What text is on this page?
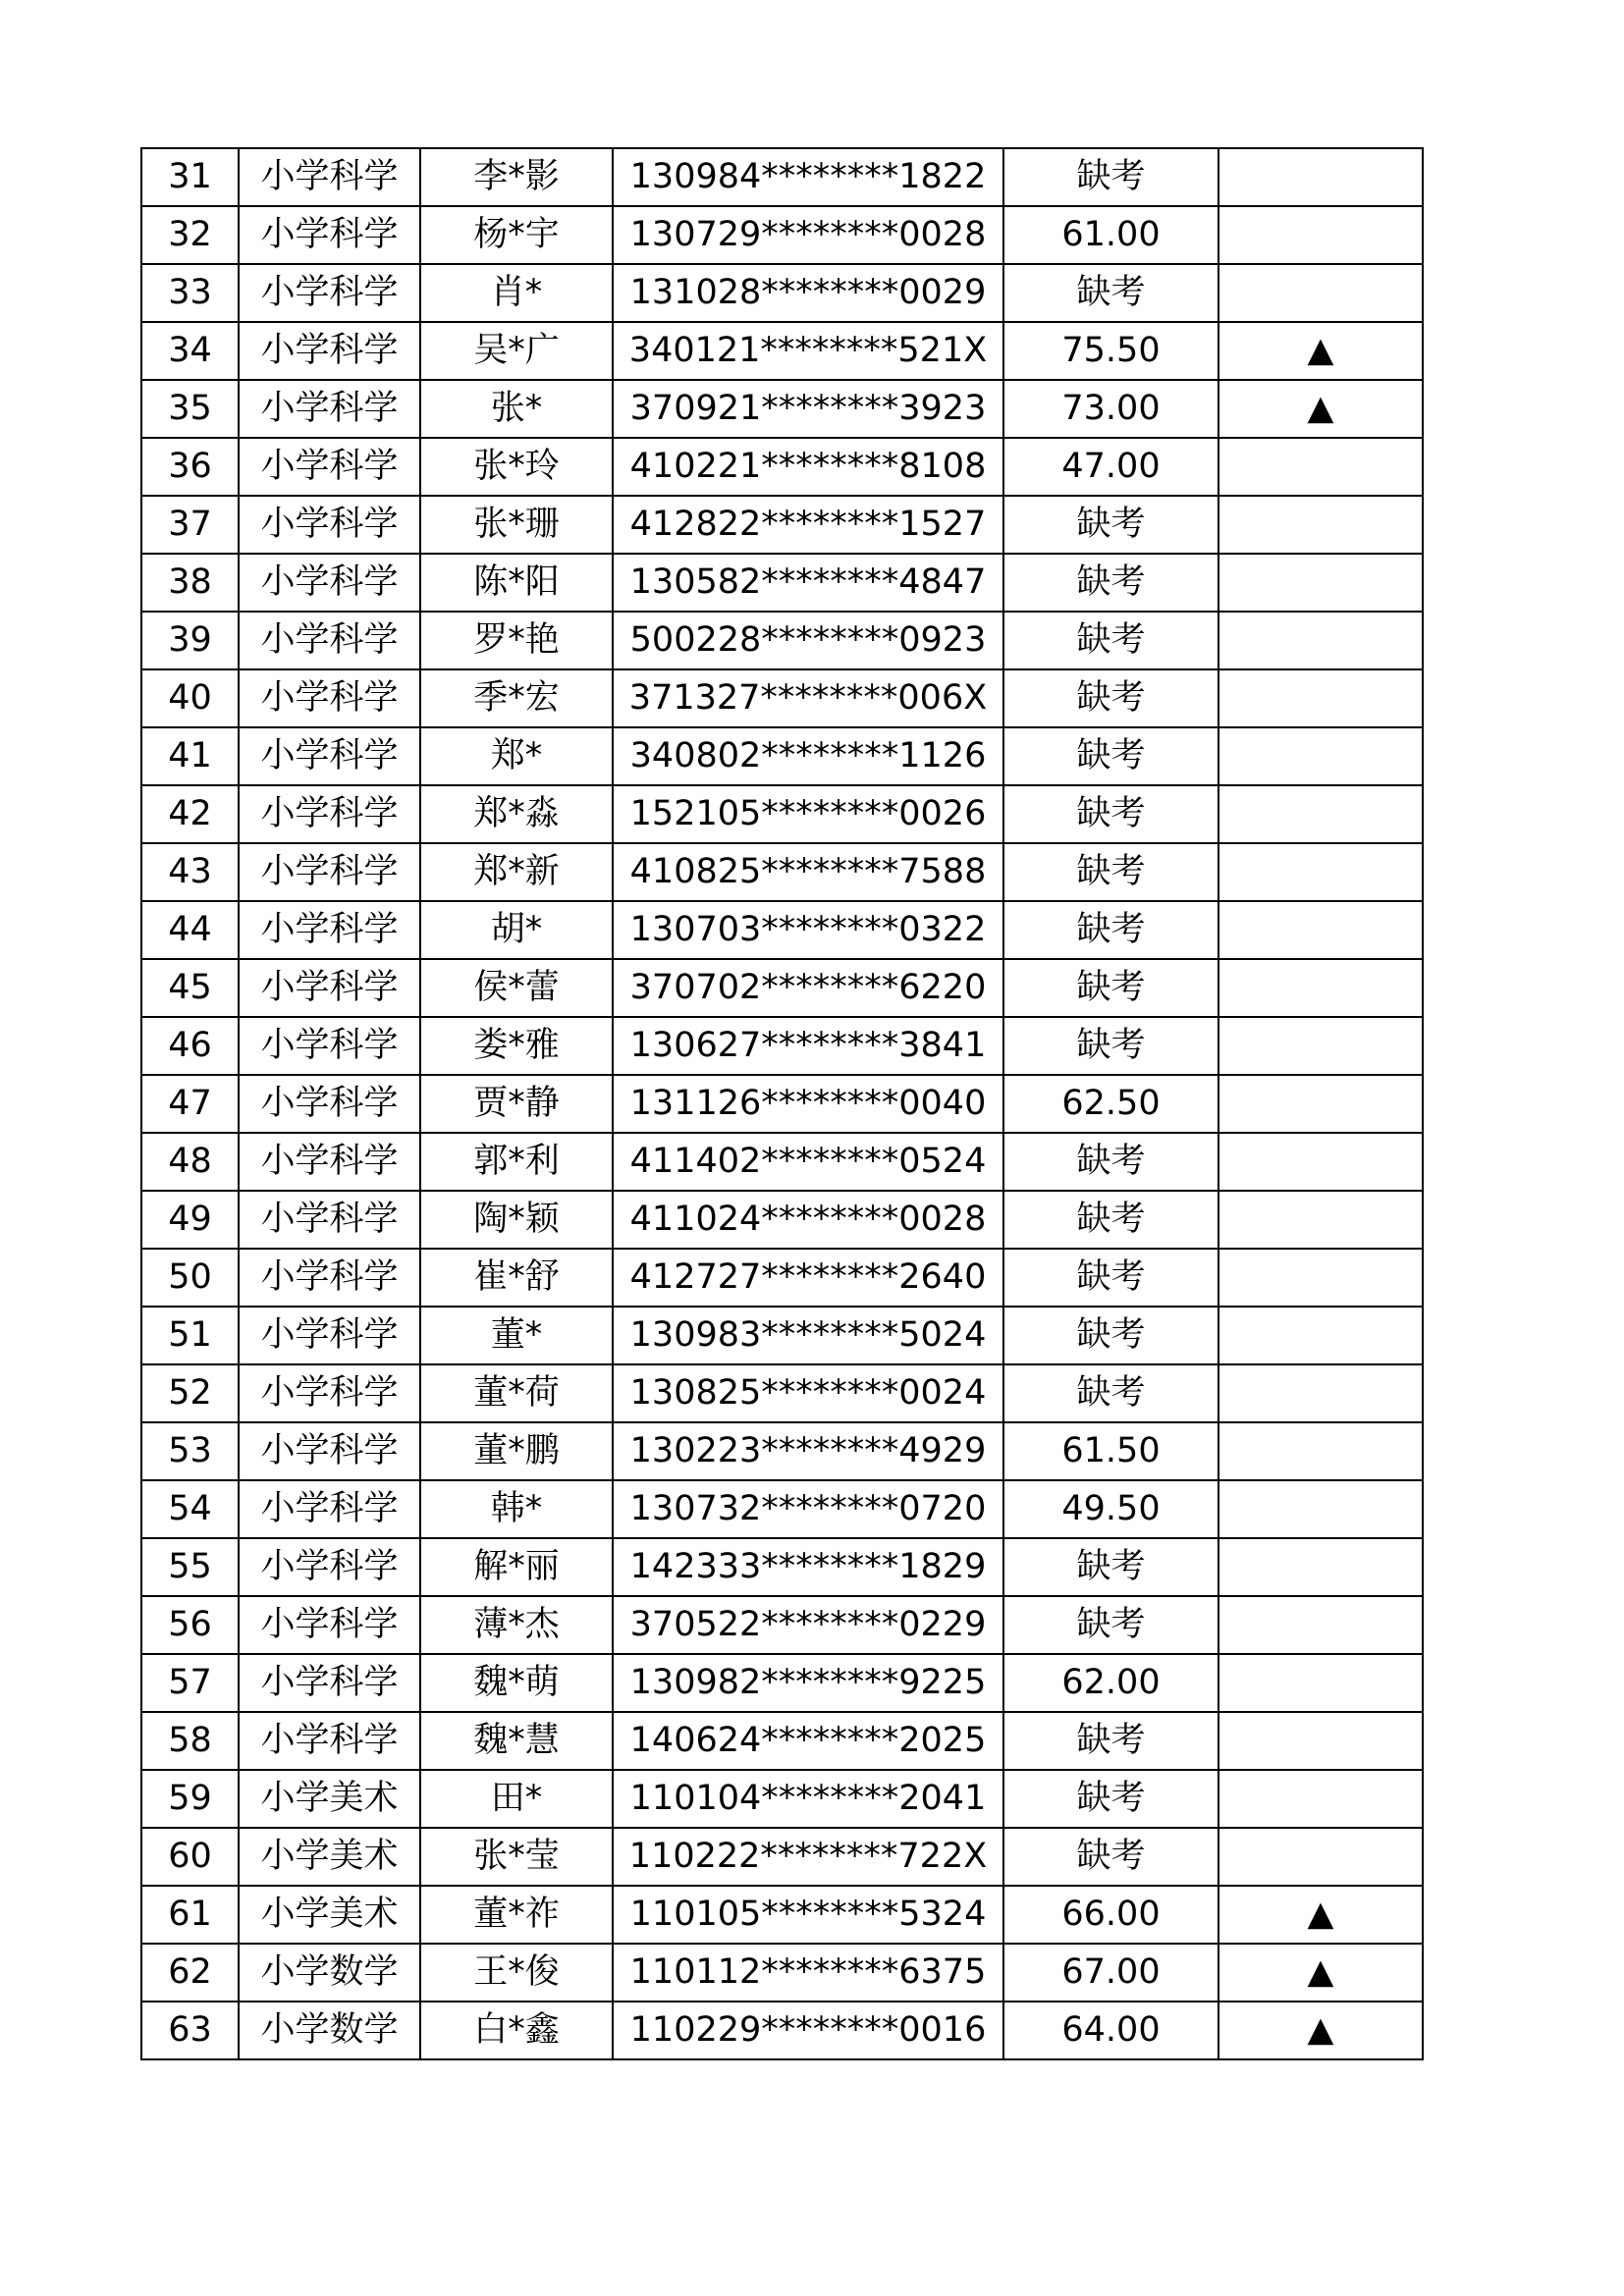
31	小学科学	李*影	130984********1822	缺考	
32	小学科学	杨*宇	130729********0028	61.00	
33	小学科学	肖*	131028********0029	缺考	
34	小学科学	吴*广	340121********521X	75.50	▲
35	小学科学	张*	370921********3923	73.00	▲
36	小学科学	张*玲	410221********8108	47.00	
37	小学科学	张*珊	412822********1527	缺考	
38	小学科学	陈*阳	130582********4847	缺考	
39	小学科学	罗*艳	500228********0923	缺考	
40	小学科学	季*宏	371327********006X	缺考	
41	小学科学	郑*	340802********1126	缺考	
42	小学科学	郑*淼	152105********0026	缺考	
43	小学科学	郑*新	410825********7588	缺考	
44	小学科学	胡*	130703********0322	缺考	
45	小学科学	侯*蕾	370702********6220	缺考	
46	小学科学	娄*雅	130627********3841	缺考	
47	小学科学	贾*静	131126********0040	62.50	
48	小学科学	郭*利	411402********0524	缺考	
49	小学科学	陶*颖	411024********0028	缺考	
50	小学科学	崔*舒	412727********2640	缺考	
51	小学科学	董*	130983********5024	缺考	
52	小学科学	董*荷	130825********0024	缺考	
53	小学科学	董*鹏	130223********4929	61.50	
54	小学科学	韩*	130732********0720	49.50	
55	小学科学	解*丽	142333********1829	缺考	
56	小学科学	薄*杰	370522********0229	缺考	
57	小学科学	魏*萌	130982********9225	62.00	
58	小学科学	魏*慧	140624********2025	缺考	
59	小学美术	田*	110104********2041	缺考	
60	小学美术	张*莹	110222********722X	缺考	
61	小学美术	董*祚	110105********5324	66.00	▲
62	小学数学	王*俊	110112********6375	67.00	▲
63	小学数学	白*鑫	110229********0016	64.00	▲
